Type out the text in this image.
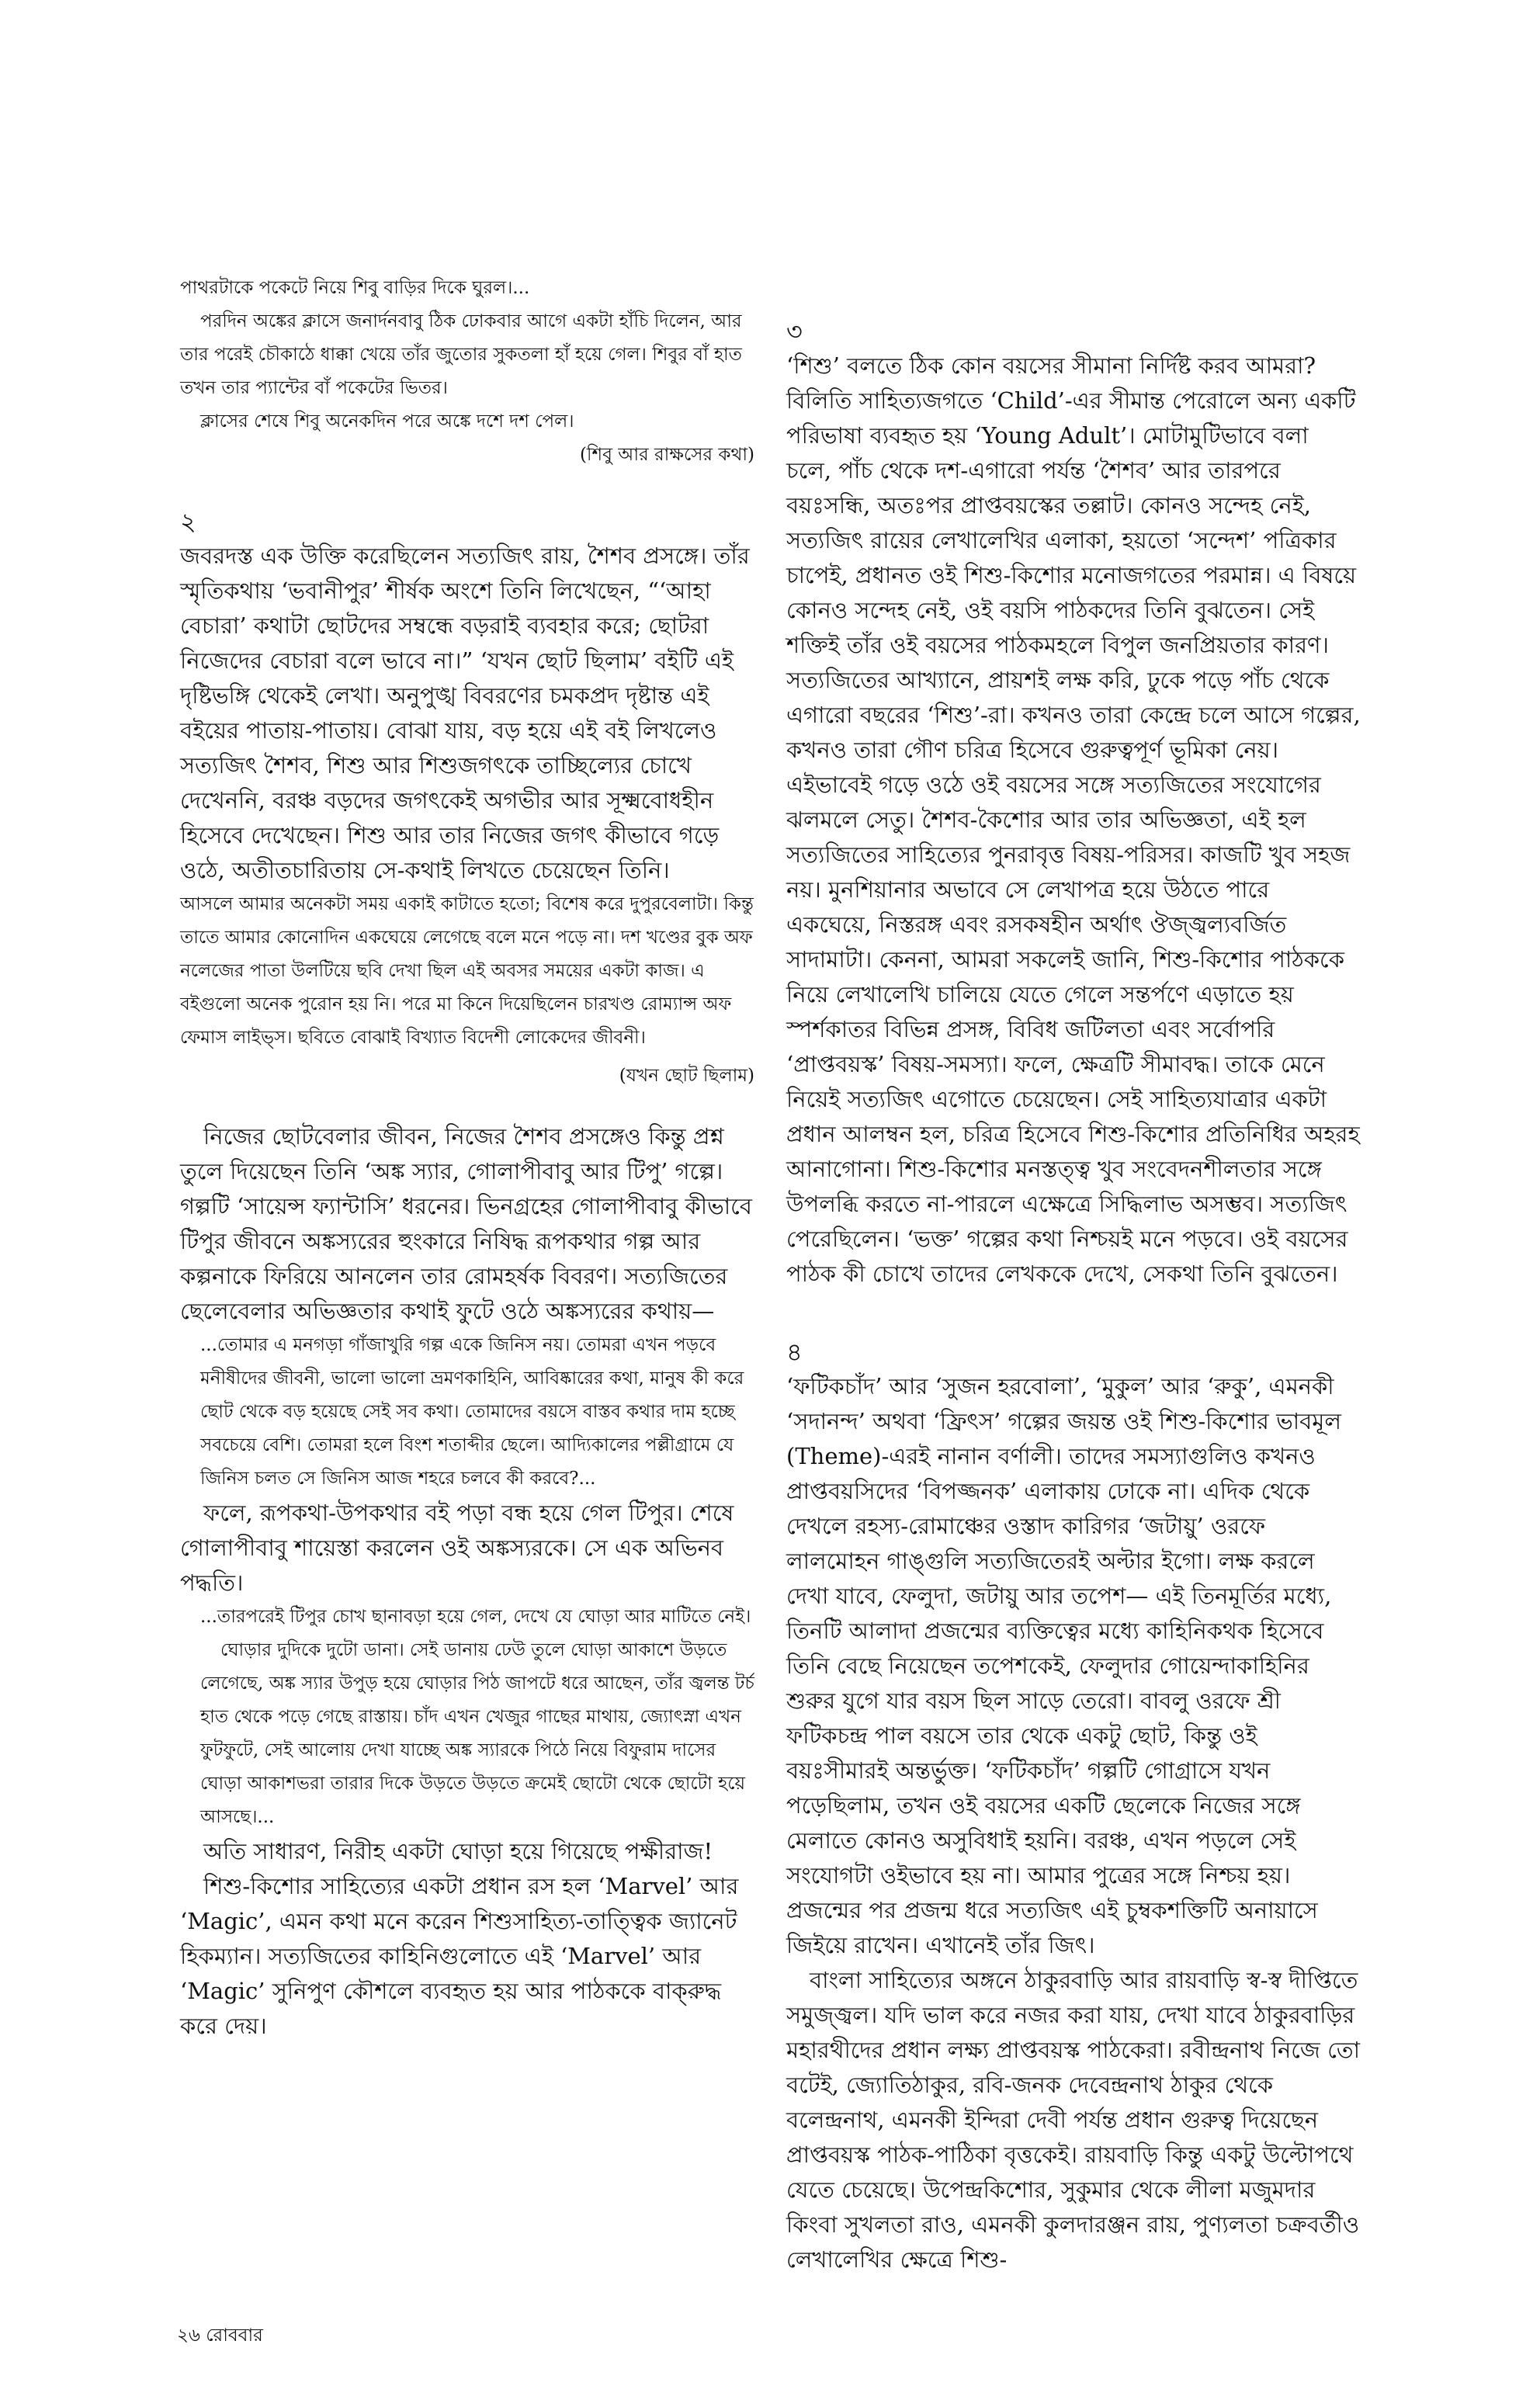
পাথরটাকে পকেটে নিয়ে শিবু বাড়ির দিকে ঘুরল।...

পরদিন অঙ্কের ক্লাসে জনার্দনবাবু ঠিক ঢোকবার আগে একটা হাঁচি দিলেন, আর তার পরেই চৌকাঠে ধাক্কা খেয়ে তাঁর জুতোর সুকতলা হাঁ হয়ে গেল। শিবুর বাঁ হাত তখন তার প্যান্টের বাঁ পকেটের ভিতর।

ক্লাসের শেষে শিবু অনেকদিন পরে অঙ্কে দশে দশ পেল।

(শিবু আর রাক্ষসের কথা)

২

জবরদস্ত এক উক্তি করেছিলেন সত্যজিৎ রায়, শৈশব প্রসঙ্গে। তাঁর স্মৃতিকথায় ‘ভবানীপুর’ শীর্ষক অংশে তিনি লিখেছেন, “‘আহা বেচারা’ কথাটা ছোটদের সম্বন্ধে বড়রাই ব্যবহার করে; ছোটরা নিজেদের বেচারা বলে ভাবে না।” ‘যখন ছোট ছিলাম’ বইটি এই দৃষ্টিভঙ্গি থেকেই লেখা। অনুপুঙ্খ বিবরণের চমকপ্রদ দৃষ্টান্ত এই বইয়ের পাতায়-পাতায়। বোঝা যায়, বড় হয়ে এই বই লিখলেও সত্যজিৎ শৈশব, শিশু আর শিশুজগৎকে তাচ্ছিল্যের চোখে দেখেননি, বরঞ্চ বড়দের জগৎকেই অগভীর আর সূক্ষ্মবোধহীন হিসেবে দেখেছেন। শিশু আর তার নিজের জগৎ কীভাবে গড়ে ওঠে, অতীতচারিতায় সে-কথাই লিখতে চেয়েছেন তিনি।

আসলে আমার অনেকটা সময় একাই কাটাতে হতো; বিশেষ করে দুপুরবেলাটা। কিন্তু তাতে আমার কোনোদিন একঘেয়ে লেগেছে বলে মনে পড়ে না। দশ খণ্ডের বুক অফ নলেজের পাতা উলটিয়ে ছবি দেখা ছিল এই অবসর সময়ের একটা কাজ। এ বইগুলো অনেক পুরোন হয় নি। পরে মা কিনে দিয়েছিলেন চারখণ্ড রোম্যান্স অফ ফেমাস লাইভ্‌স। ছবিতে বোঝাই বিখ্যাত বিদেশী লোকেদের জীবনী।

(যখন ছোট ছিলাম)

নিজের ছোটবেলার জীবন, নিজের শৈশব প্রসঙ্গেও কিন্তু প্রশ্ন তুলে দিয়েছেন তিনি ‘অঙ্ক স্যার, গোলাপীবাবু আর টিপু’ গল্পে। গল্পটি ‘সায়েন্স ফ্যান্টাসি’ ধরনের। ভিনগ্রহের গোলাপীবাবু কীভাবে টিপুর জীবনে অঙ্কস্যরের হুংকারে নিষিদ্ধ রূপকথার গল্প আর কল্পনাকে ফিরিয়ে আনলেন তার রোমহর্ষক বিবরণ। সত্যজিতের ছেলেবেলার অভিজ্ঞতার কথাই ফুটে ওঠে অঙ্কস্যরের কথায়—

...তোমার এ মনগড়া গাঁজাখুরি গল্প একে জিনিস নয়। তোমরা এখন পড়বে মনীষীদের জীবনী, ভালো ভালো ভ্রমণকাহিনি, আবিষ্কারের কথা, মানুষ কী করে ছোট থেকে বড় হয়েছে সেই সব কথা। তোমাদের বয়সে বাস্তব কথার দাম হচ্ছে সবচেয়ে বেশি। তোমরা হলে বিংশ শতাব্দীর ছেলে। আদ্যিকালের পল্লীগ্রামে যে জিনিস চলত সে জিনিস আজ শহরে চলবে কী করবে?...

ফলে, রূপকথা-উপকথার বই পড়া বন্ধ হয়ে গেল টিপুর। শেষে গোলাপীবাবু শায়েস্তা করলেন ওই অঙ্কস্যরকে। সে এক অভিনব পদ্ধতি।

...তারপরেই টিপুর চোখ ছানাবড়া হয়ে গেল, দেখে যে ঘোড়া আর মাটিতে নেই।

ঘোড়ার দুদিকে দুটো ডানা। সেই ডানায় ঢেউ তুলে ঘোড়া আকাশে উড়তে লেগেছে, অঙ্ক স্যার উপুড় হয়ে ঘোড়ার পিঠ জাপটে ধরে আছেন, তাঁর জ্বলন্ত টর্চ হাত থেকে পড়ে গেছে রাস্তায়। চাঁদ এখন খেজুর গাছের মাথায়, জ্যোৎস্না এখন ফুটফুটে, সেই আলোয় দেখা যাচ্ছে অঙ্ক স্যারকে পিঠে নিয়ে বিফুরাম দাসের ঘোড়া আকাশভরা তারার দিকে উড়তে উড়তে ক্রমেই ছোটো থেকে ছোটো হয়ে আসছে।...

অতি সাধারণ, নিরীহ একটা ঘোড়া হয়ে গিয়েছে পক্ষীরাজ!

শিশু-কিশোর সাহিত্যের একটা প্রধান রস হল ‘Marvel’ আর ‘Magic’, এমন কথা মনে করেন শিশুসাহিত্য-তাত্ত্বিক জ্যানেট হিকম্যান। সত্যজিতের কাহিনিগুলোতে এই ‘Marvel’ আর ‘Magic’ সুনিপুণ কৌশলে ব্যবহৃত হয় আর পাঠককে বাক্‌রুদ্ধ করে দেয়।

৩

‘শিশু’ বলতে ঠিক কোন বয়সের সীমানা নির্দিষ্ট করব আমরা? বিলিতি সাহিত্যজগতে ‘Child’-এর সীমান্ত পেরোলে অন্য একটি পরিভাষা ব্যবহৃত হয় ‘Young Adult’। মোটামুটিভাবে বলা চলে, পাঁচ থেকে দশ-এগারো পর্যন্ত ‘শৈশব’ আর তারপরে বয়ঃসন্ধি, অতঃপর প্রাপ্তবয়স্কের তল্লাট। কোনও সন্দেহ নেই, সত্যজিৎ রায়ের লেখালেখির এলাকা, হয়তো ‘সন্দেশ’ পত্রিকার চাপেই, প্রধানত ওই শিশু-কিশোর মনোজগতের পরমান্ন। এ বিষয়ে কোনও সন্দেহ নেই, ওই বয়সি পাঠকদের তিনি বুঝতেন। সেই শক্তিই তাঁর ওই বয়সের পাঠকমহলে বিপুল জনপ্রিয়তার কারণ। সত্যজিতের আখ্যানে, প্রায়শই লক্ষ করি, ঢুকে পড়ে পাঁচ থেকে এগারো বছরের ‘শিশু’-রা। কখনও তারা কেন্দ্রে চলে আসে গল্পের, কখনও তারা গৌণ চরিত্র হিসেবে গুরুত্বপূর্ণ ভূমিকা নেয়। এইভাবেই গড়ে ওঠে ওই বয়সের সঙ্গে সত্যজিতের সংযোগের ঝলমলে সেতু। শৈশব-কৈশোর আর তার অভিজ্ঞতা, এই হল সত্যজিতের সাহিত্যের পুনরাবৃত্ত বিষয়-পরিসর। কাজটি খুব সহজ নয়। মুনশিয়ানার অভাবে সে লেখাপত্র হয়ে উঠতে পারে একঘেয়ে, নিস্তরঙ্গ এবং রসকষহীন অর্থাৎ ঔজ্জ্বল্যবর্জিত সাদামাটা। কেননা, আমরা সকলেই জানি, শিশু-কিশোর পাঠককে নিয়ে লেখালেখি চালিয়ে যেতে গেলে সন্তর্পণে এড়াতে হয় স্পর্শকাতর বিভিন্ন প্রসঙ্গ, বিবিধ জটিলতা এবং সর্বোপরি ‘প্রাপ্তবয়স্ক’ বিষয়-সমস্যা। ফলে, ক্ষেত্রটি সীমাবদ্ধ। তাকে মেনে নিয়েই সত্যজিৎ এগোতে চেয়েছেন। সেই সাহিত্যযাত্রার একটা প্রধান আলম্বন হল, চরিত্র হিসেবে শিশু-কিশোর প্রতিনিধির অহরহ আনাগোনা। শিশু-কিশোর মনস্তত্ত্ব খুব সংবেদনশীলতার সঙ্গে উপলব্ধি করতে না-পারলে এক্ষেত্রে সিদ্ধিলাভ অসম্ভব। সত্যজিৎ পেরেছিলেন। ‘ভক্ত’ গল্পের কথা নিশ্চয়ই মনে পড়বে। ওই বয়সের পাঠক কী চোখে তাদের লেখককে দেখে, সেকথা তিনি বুঝতেন।

৪

‘ফটিকচাঁদ’ আর ‘সুজন হরবোলা’, ‘মুকুল’ আর ‘রুকু’, এমনকী ‘সদানন্দ’ অথবা ‘ফ্রিৎস’ গল্পের জয়ন্ত ওই শিশু-কিশোর ভাবমূল (Theme)-এরই নানান বর্ণালী। তাদের সমস্যাগুলিও কখনও প্রাপ্তবয়সিদের ‘বিপজ্জনক’ এলাকায় ঢোকে না। এদিক থেকে দেখলে রহস্য-রোমাঞ্চের ওস্তাদ কারিগর ‘জটায়ু’ ওরফে লালমোহন গাঙ্গুলি সত্যজিতেরই অল্টার ইগো। লক্ষ করলে দেখা যাবে, ফেলুদা, জটায়ু আর তপেশ— এই তিনমূর্তির মধ্যে, তিনটি আলাদা প্রজন্মের ব্যক্তিত্বের মধ্যে কাহিনিকথক হিসেবে তিনি বেছে নিয়েছেন তপেশকেই, ফেলুদার গোয়েন্দাকাহিনির শুরুর যুগে যার বয়স ছিল সাড়ে তেরো। বাবলু ওরফে শ্রী ফটিকচন্দ্র পাল বয়সে তার থেকে একটু ছোট, কিন্তু ওই বয়ঃসীমারই অন্তর্ভুক্ত। ‘ফটিকচাঁদ’ গল্পটি গোগ্রাসে যখন পড়েছিলাম, তখন ওই বয়সের একটি ছেলেকে নিজের সঙ্গে মেলাতে কোনও অসুবিধাই হয়নি। বরঞ্চ, এখন পড়লে সেই সংযোগটা ওইভাবে হয় না। আমার পুত্রের সঙ্গে নিশ্চয় হয়। প্রজন্মের পর প্রজন্ম ধরে সত্যজিৎ এই চুম্বকশক্তিটি অনায়াসে জিইয়ে রাখেন। এখানেই তাঁর জিৎ।

বাংলা সাহিত্যের অঙ্গনে ঠাকুরবাড়ি আর রায়বাড়ি স্ব-স্ব দীপ্তিতে সমুজ্জ্বল। যদি ভাল করে নজর করা যায়, দেখা যাবে ঠাকুরবাড়ির মহারথীদের প্রধান লক্ষ্য প্রাপ্তবয়স্ক পাঠকেরা। রবীন্দ্রনাথ নিজে তো বটেই, জ্যোতিঠাকুর, রবি-জনক দেবেন্দ্রনাথ ঠাকুর থেকে বলেন্দ্রনাথ, এমনকী ইন্দিরা দেবী পর্যন্ত প্রধান গুরুত্ব দিয়েছেন প্রাপ্তবয়স্ক পাঠক-পাঠিকা বৃত্তকেই। রায়বাড়ি কিন্তু একটু উল্টোপথে যেতে চেয়েছে। উপেন্দ্রকিশোর, সুকুমার থেকে লীলা মজুমদার কিংবা সুখলতা রাও, এমনকী কুলদারঞ্জন রায়, পুণ্যলতা চক্রবর্তীও লেখালেখির ক্ষেত্রে শিশু-

২৬ রোববার
